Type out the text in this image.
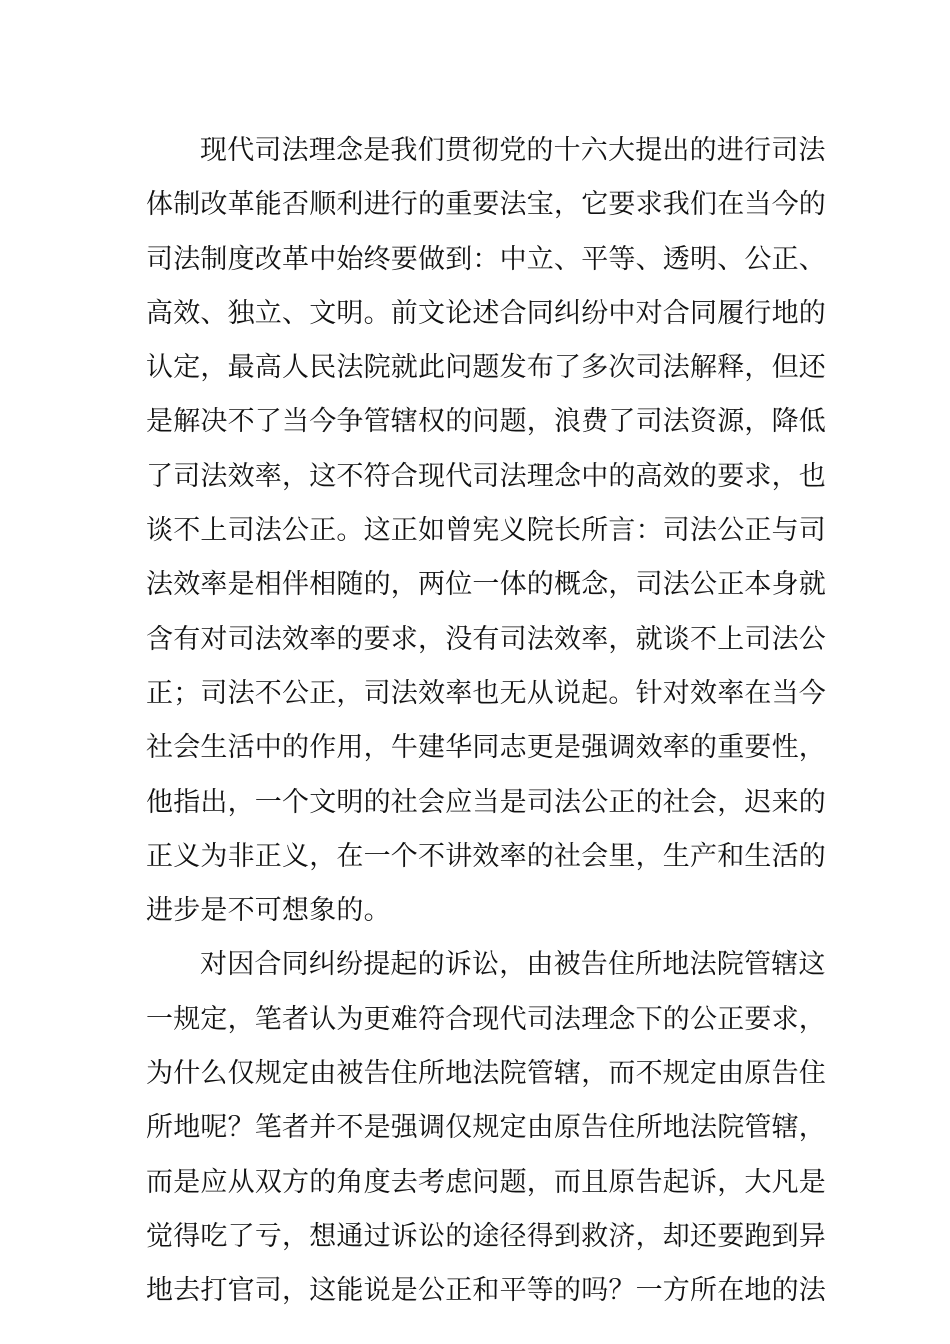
现代司法理念是我们贯彻党的十六大提出的进行司法
体制改革能否顺利进行的重要法宝，它要求我们在当今的
司法制度改革中始终要做到：中立、平等、透明、公正、
高效、独立、文明。前文论述合同纠纷中对合同履行地的
认定，最高人民法院就此问题发布了多次司法解释，但还
是解决不了当今争管辖权的问题，浪费了司法资源，降低
了司法效率，这不符合现代司法理念中的高效的要求，也
谈不上司法公正。这正如曾宪义院长所言：司法公正与司
法效率是相伴相随的，两位一体的概念，司法公正本身就
含有对司法效率的要求，没有司法效率，就谈不上司法公
正；司法不公正，司法效率也无从说起。针对效率在当今
社会生活中的作用，牛建华同志更是强调效率的重要性，
他指出，一个文明的社会应当是司法公正的社会，迟来的
正义为非正义，在一个不讲效率的社会里，生产和生活的
进步是不可想象的。
对因合同纠纷提起的诉讼，由被告住所地法院管辖这
一规定，笔者认为更难符合现代司法理念下的公正要求，
为什么仅规定由被告住所地法院管辖，而不规定由原告住
所地呢？笔者并不是强调仅规定由原告住所地法院管辖，
而是应从双方的角度去考虑问题，而且原告起诉，大凡是
觉得吃了亏，想通过诉讼的途径得到救济，却还要跑到异
地去打官司，这能说是公正和平等的吗？一方所在地的法
